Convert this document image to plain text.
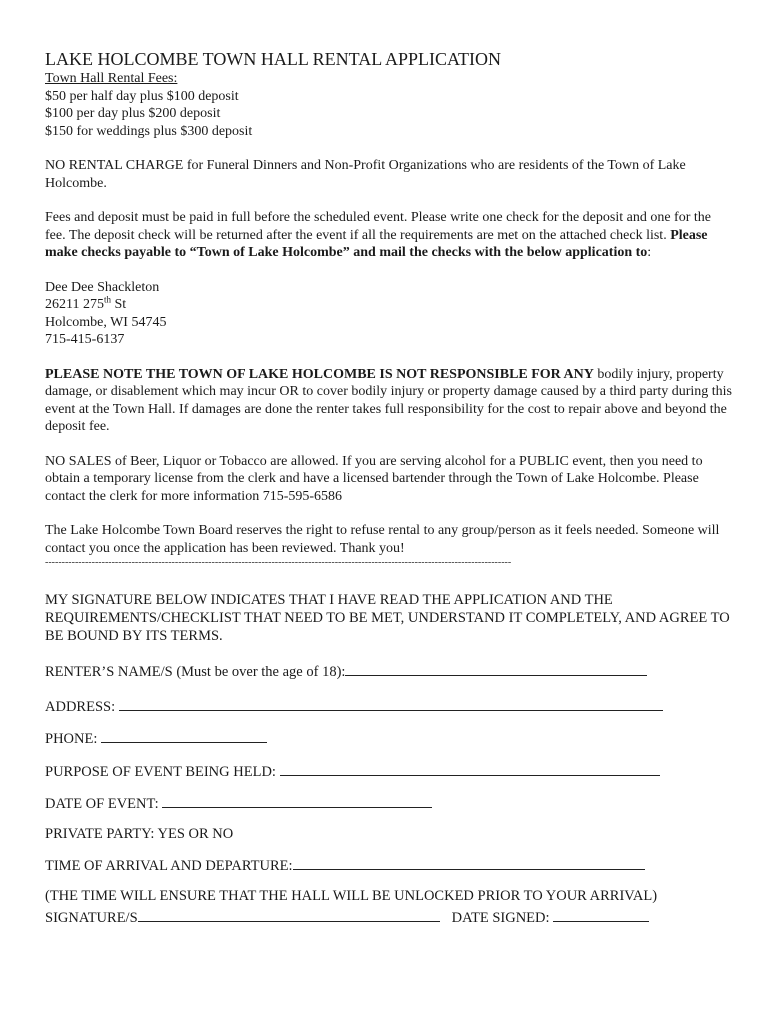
LAKE HOLCOMBE TOWN HALL RENTAL APPLICATION

Town Hall Rental Fees:

$50 per half day plus $100 deposit

$100 per day plus $200 deposit

$150 for weddings plus $300 deposit

NO RENTAL CHARGE for Funeral Dinners and Non-Profit Organizations who are residents of the Town of Lake Holcombe.

Fees and deposit must be paid in full before the scheduled event. Please write one check for the deposit and one for the fee. The deposit check will be returned after the event if all the requirements are met on the attached check list. Please make checks payable to “Town of Lake Holcombe” and mail the checks with the below application to:

Dee Dee Shackleton

26211 275th St

Holcombe, WI 54745

715-415-6137

PLEASE NOTE THE TOWN OF LAKE HOLCOMBE IS NOT RESPONSIBLE FOR ANY bodily injury, property damage, or disablement which may incur OR to cover bodily injury or property damage caused by a third party during this event at the Town Hall. If damages are done the renter takes full responsibility for the cost to repair above and beyond the deposit fee.

NO SALES of Beer, Liquor or Tobacco are allowed. If you are serving alcohol for a PUBLIC event, then you need to obtain a temporary license from the clerk and have a licensed bartender through the Town of Lake Holcombe. Please contact the clerk for more information 715-595-6586

The Lake Holcombe Town Board reserves the right to refuse rental to any group/person as it feels needed. Someone will contact you once the application has been reviewed. Thank you!

--------------------------------------------------------------------------------------------------------------------------------------------

MY SIGNATURE BELOW INDICATES THAT I HAVE READ THE APPLICATION AND THE REQUIREMENTS/CHECKLIST THAT NEED TO BE MET, UNDERSTAND IT COMPLETELY, AND AGREE TO BE BOUND BY ITS TERMS.

RENTER’S NAME/S (Must be over the age of 18):
ADDRESS:
PHONE:
PURPOSE OF EVENT BEING HELD:
DATE OF EVENT:
PRIVATE PARTY: YES OR NO
TIME OF ARRIVAL AND DEPARTURE:
(THE TIME WILL ENSURE THAT THE HALL WILL BE UNLOCKED PRIOR TO YOUR ARRIVAL)
SIGNATURE/S	DATE SIGNED:
